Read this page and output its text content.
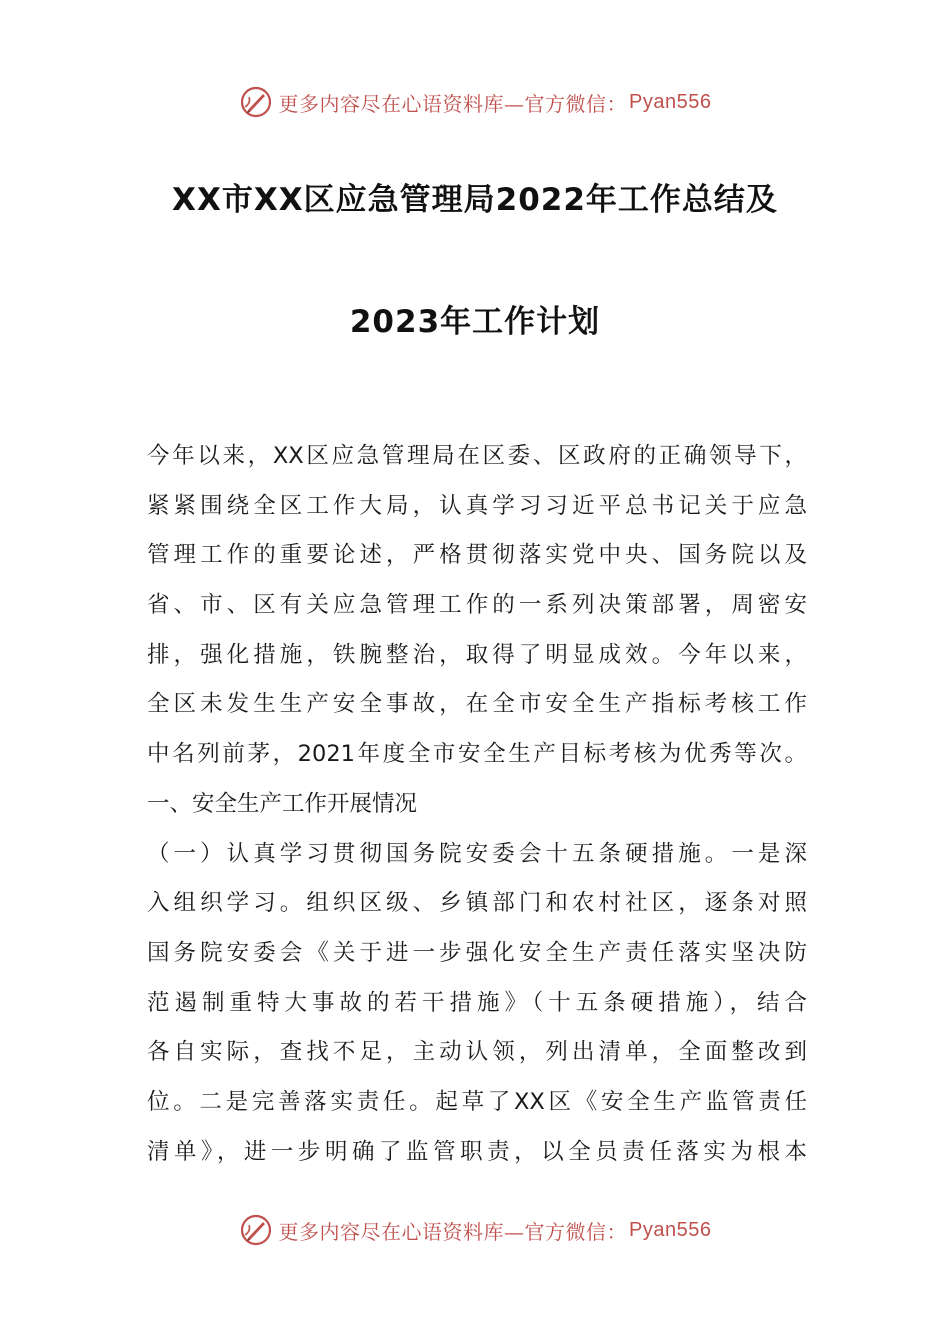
更多内容尽在心语资料库—官方微信： Pyan556
XX市XX区应急管理局2022年工作总结及
2023年工作计划
今年以来，XX区应急管理局在区委、区政府的正确领导下，
紧紧围绕全区工作大局，认真学习习近平总书记关于应急
管理工作的重要论述，严格贯彻落实党中央、国务院以及
省、市、区有关应急管理工作的一系列决策部署，周密安
排，强化措施，铁腕整治，取得了明显成效。今年以来，
全区未发生生产安全事故，在全市安全生产指标考核工作
中名列前茅，2021年度全市安全生产目标考核为优秀等次。
一、安全生产工作开展情况
（一）认真学习贯彻国务院安委会十五条硬措施。一是深
入组织学习。组织区级、乡镇部门和农村社区，逐条对照
国务院安委会《关于进一步强化安全生产责任落实坚决防
范遏制重特大事故的若干措施》（十五条硬措施），结合
各自实际，查找不足，主动认领，列出清单，全面整改到
位。二是完善落实责任。起草了XX区《安全生产监管责任
清单》，进一步明确了监管职责，以全员责任落实为根本
更多内容尽在心语资料库—官方微信： Pyan556
